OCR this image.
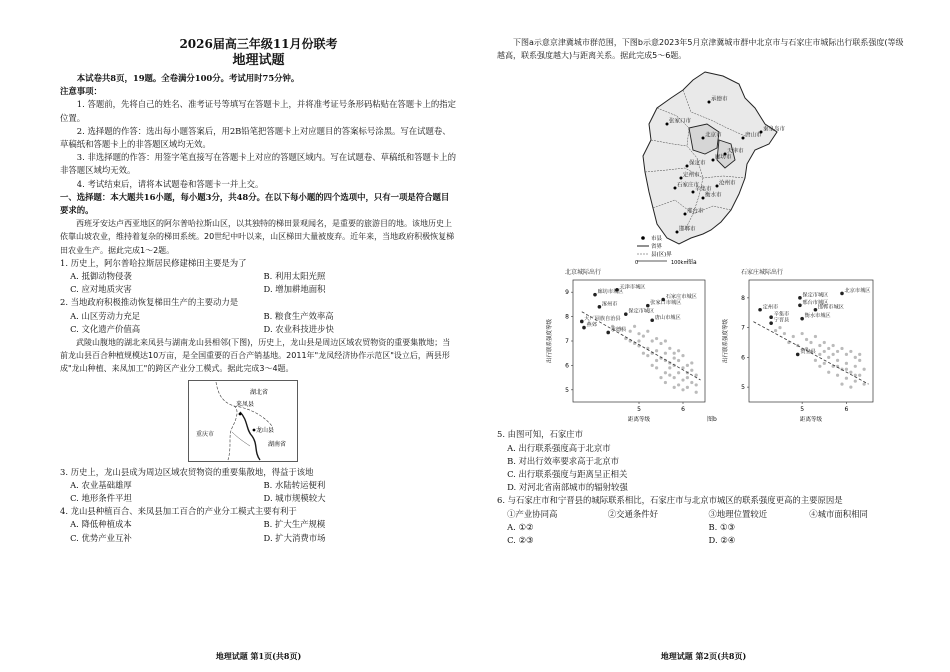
2026届高三年级11月份联考
地理试题

本试卷共8页，19题。全卷满分100分。考试用时75分钟。

注意事项：

1. 答题前，先将自己的姓名、准考证号等填写在答题卡上，并将准考证号条形码粘贴在答题卡上的指定位置。

2. 选择题的作答：选出每小题答案后，用2B铅笔把答题卡上对应题目的答案标号涂黑。写在试题卷、草稿纸和答题卡上的非答题区域均无效。

3. 非选择题的作答：用签字笔直接写在答题卡上对应的答题区域内。写在试题卷、草稿纸和答题卡上的非答题区域均无效。

4. 考试结束后，请将本试题卷和答题卡一并上交。

一、选择题：本大题共16小题，每小题3分，共48分。在以下每小题的四个选项中，只有一项是符合题目要求的。

西班牙安达卢西亚地区的阿尔普哈拉斯山区，以其独特的梯田景观闻名，是重要的旅游目的地。该地历史上依靠山坡农业，维持着复杂的梯田系统。20世纪中叶以来，山区梯田大量被废弃。近年来，当地政府积极恢复梯田农业生产。据此完成1～2题。

1. 历史上，阿尔普哈拉斯居民修建梯田主要是为了

A. 抵御动物侵袭	B. 利用太阳光照
C. 应对地质灾害	D. 增加耕地面积

2. 当地政府积极推动恢复梯田生产的主要动力是

A. 山区劳动力充足	B. 粮食生产效率高
C. 文化遗产价值高	D. 农业科技进步快

武陵山腹地的湖北来凤县与湖南龙山县相邻(下图)，历史上，龙山县是周边区域农贸物资的重要集散地；当前龙山县百合种植规模达10万亩，是全国重要的百合产销基地。2011年"龙凤经济协作示范区"设立后，两县形成"龙山种植、来凤加工"的跨区产业分工模式。据此完成3～4题。

湖北省
来凤县
重庆市
龙山县
湖南省

3. 历史上，龙山县成为周边区域农贸物资的重要集散地，得益于该地

A. 农业基础雄厚	B. 水陆转运便利
C. 地形条件平坦	D. 城市规模较大

4. 龙山县种植百合、来凤县加工百合的产业分工模式主要有利于

A. 降低种植成本	B. 扩大生产规模
C. 优势产业互补	D. 扩大消费市场
地理试题 第1页(共8页)

下图a示意京津冀城市群范围，下图b示意2023年5月京津冀城市群中北京市与石家庄市城际出行联系强度(等级越高，联系强度越大)与距离关系。据此完成5～6题。

承德市
张家口市
北京市
天津市
唐山市
秦皇岛市
廊坊市
保定市
沧州市
石家庄市
衡水市
邢台市
邯郸市
定州市
辛集市
市县
省界
县(区)界
0	100km
图a
北京城际出行
5
6
7
8
9
5	6
距离等级
出行联系强度等级
天津市城区
廊坊市城区
石家庄市城区
涿州市	张家口市城区
保定市城区
大厂回族自治县	唐山市城区
燕郊
承德县
石家庄城际出行
5
6
7
8
5	6
距离等级
出行联系强度等级
北京市城区
保定市城区
邢台市城区
定州市	邯郸市城区
辛集市	衡水市城区
宁晋县
赞皇县
图b

5. 由图可知，石家庄市

A. 出行联系强度高于北京市
B. 对出行效率要求高于北京市
C. 出行联系强度与距离呈正相关
D. 对河北省南部城市的辐射较强

6. 与石家庄市和宁晋县的城际联系相比，石家庄市与北京市城区的联系强度更高的主要原因是

①产业协同高	②交通条件好	③地理位置较近	④城市面积相同
A. ①②	B. ①③
C. ②③	D. ②④
地理试题 第2页(共8页)
